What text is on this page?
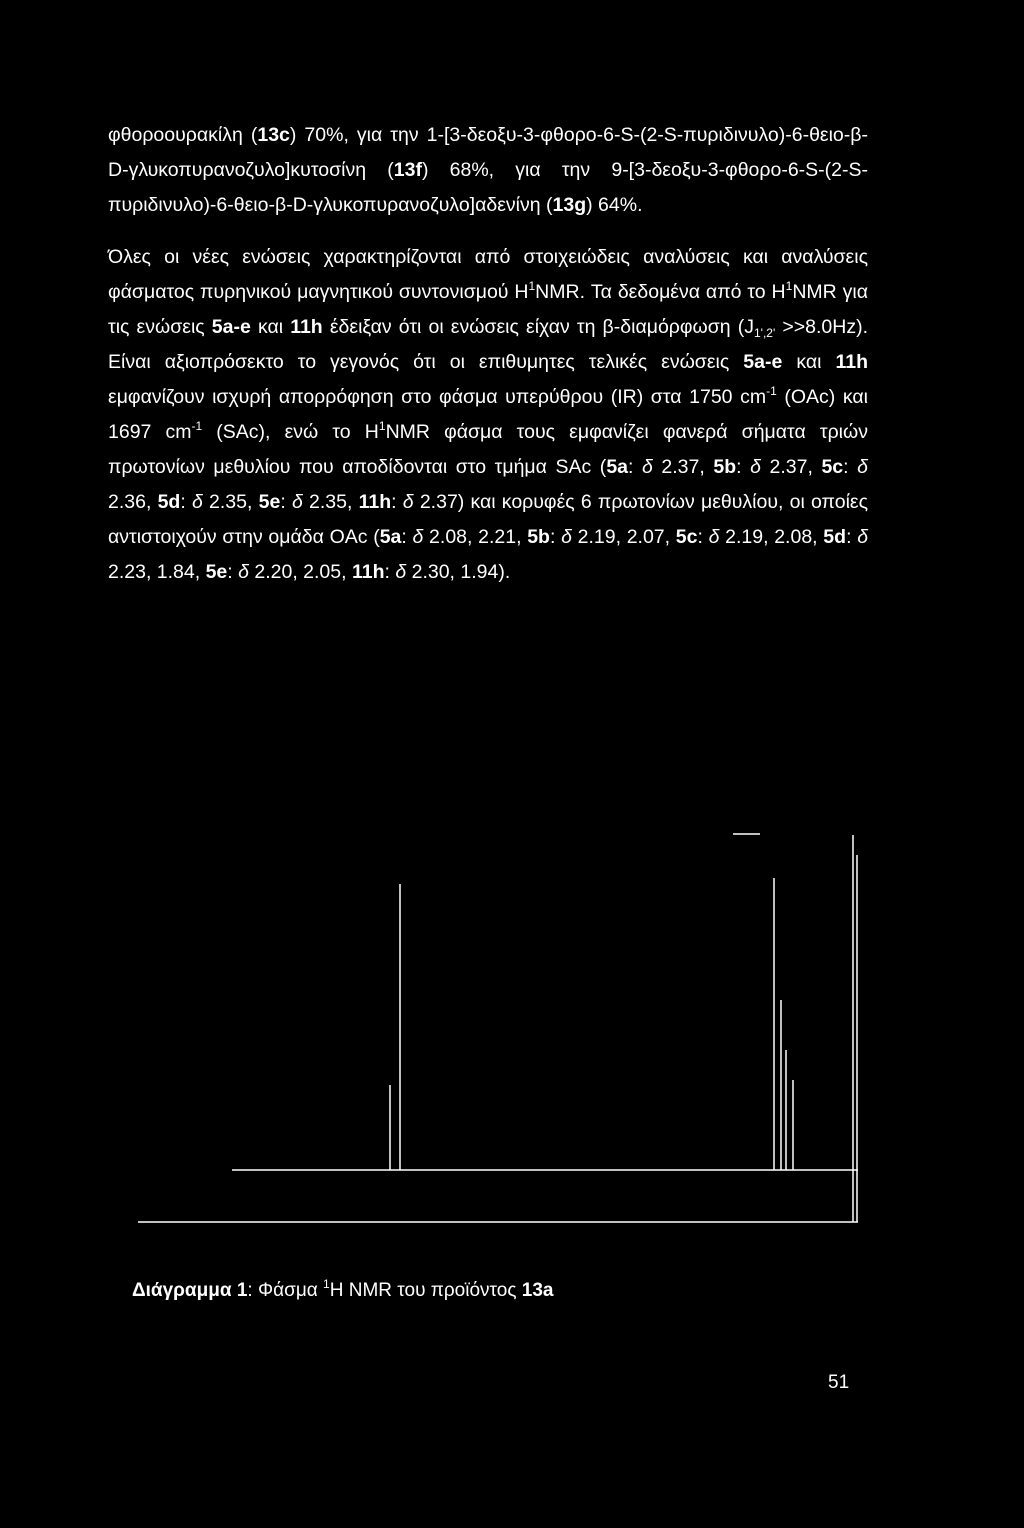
φθοροουρακίλη (13c) 70%, για την 1-[3-δεοξυ-3-φθορο-6-S-(2-S-πυριδινυλο)-6-θειο-β-D-γλυκοπυρανοζυλο]κυτοσίνη (13f) 68%, για την 9-[3-δεοξυ-3-φθορο-6-S-(2-S-πυριδινυλο)-6-θειο-β-D-γλυκοπυρανοζυλο]αδενίνη (13g) 64%.

Όλες οι νέες ενώσεις χαρακτηρίζονται από στοιχειώδεις αναλύσεις και αναλύσεις φάσματος πυρηνικού μαγνητικού συντονισμού $H^1NMR$. Τα δεδομένα από το $H^1NMR$ για τις ενώσεις 5a-e και 11h έδειξαν ότι οι ενώσεις είχαν τη β-διαμόρφωση $(J_{1',2'} >>8.0Hz)$. Είναι αξιοπρόσεκτο το γεγονός ότι οι επιθυμητες τελικές ενώσεις 5a-e και 11h εμφανίζουν ισχυρή απορρόφηση στο φάσμα υπερύθρου (IR) στα 1750 $cm^{-1}$ (OAc) και 1697 $cm^{-1}$ (SAc), ενώ το $H^1NMR$ φάσμα τους εμφανίζει φανερά σήματα τριών πρωτονίων μεθυλίου που αποδίδονται στο τμήμα SAc (5a: δ 2.37, 5b: δ 2.37, 5c: δ 2.36, 5d: δ 2.35, 5e: δ 2.35, 11h: δ 2.37) και κορυφές 6 πρωτονίων μεθυλίου, οι οποίες αντιστοιχούν στην ομάδα OAc (5a: δ 2.08, 2.21, 5b: δ 2.19, 2.07, 5c: δ 2.19, 2.08, 5d: δ 2.23, 1.84, 5e: δ 2.20, 2.05, 11h: δ 2.30, 1.94).

Διάγραμμα 1: Φάσμα $^1$H NMR του προϊόντος 13a
51
